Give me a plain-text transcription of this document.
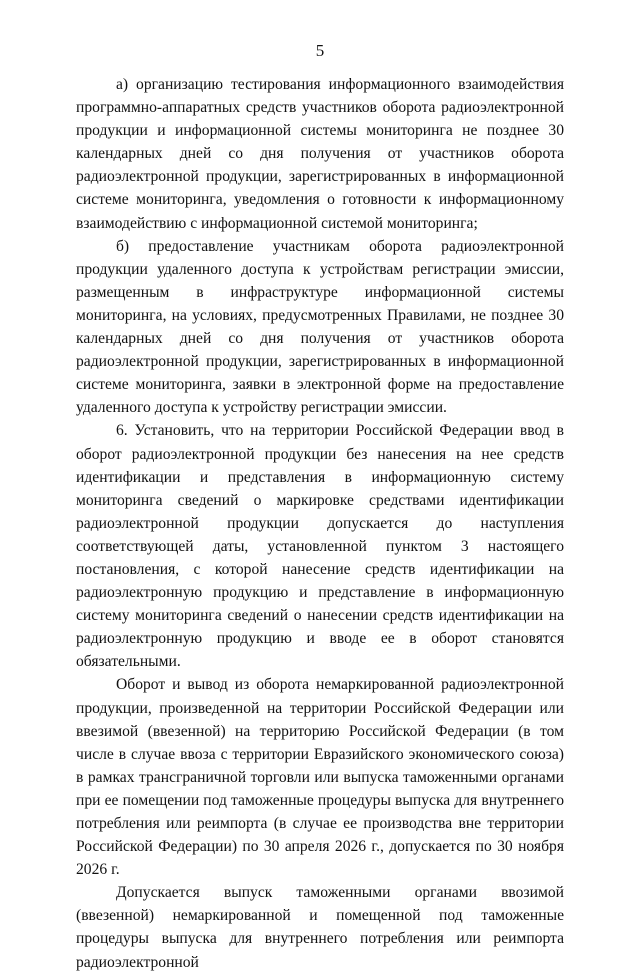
5

а) организацию тестирования информационного взаимодействия программно-аппаратных средств участников оборота радиоэлектронной продукции и информационной системы мониторинга не позднее 30 календарных дней со дня получения от участников оборота радиоэлектронной продукции, зарегистрированных в информационной системе мониторинга, уведомления о готовности к информационному взаимодействию с информационной системой мониторинга;

б) предоставление участникам оборота радиоэлектронной продукции удаленного доступа к устройствам регистрации эмиссии, размещенным в инфраструктуре информационной системы мониторинга, на условиях, предусмотренных Правилами, не позднее 30 календарных дней со дня получения от участников оборота радиоэлектронной продукции, зарегистрированных в информационной системе мониторинга, заявки в электронной форме на предоставление удаленного доступа к устройству регистрации эмиссии.

6. Установить, что на территории Российской Федерации ввод в оборот радиоэлектронной продукции без нанесения на нее средств идентификации и представления в информационную систему мониторинга сведений о маркировке средствами идентификации радиоэлектронной продукции допускается до наступления соответствующей даты, установленной пунктом 3 настоящего постановления, с которой нанесение средств идентификации на радиоэлектронную продукцию и представление в информационную систему мониторинга сведений о нанесении средств идентификации на радиоэлектронную продукцию и вводе ее в оборот становятся обязательными.

Оборот и вывод из оборота немаркированной радиоэлектронной продукции, произведенной на территории Российской Федерации или ввезимой (ввезенной) на территорию Российской Федерации (в том числе в случае ввоза с территории Евразийского экономического союза) в рамках трансграничной торговли или выпуска таможенными органами при ее помещении под таможенные процедуры выпуска для внутреннего потребления или реимпорта (в случае ее производства вне территории Российской Федерации) по 30 апреля 2026 г., допускается по 30 ноября 2026 г.

Допускается выпуск таможенными органами ввозимой (ввезенной) немаркированной и помещенной под таможенные процедуры выпуска для внутреннего потребления или реимпорта радиоэлектронной
